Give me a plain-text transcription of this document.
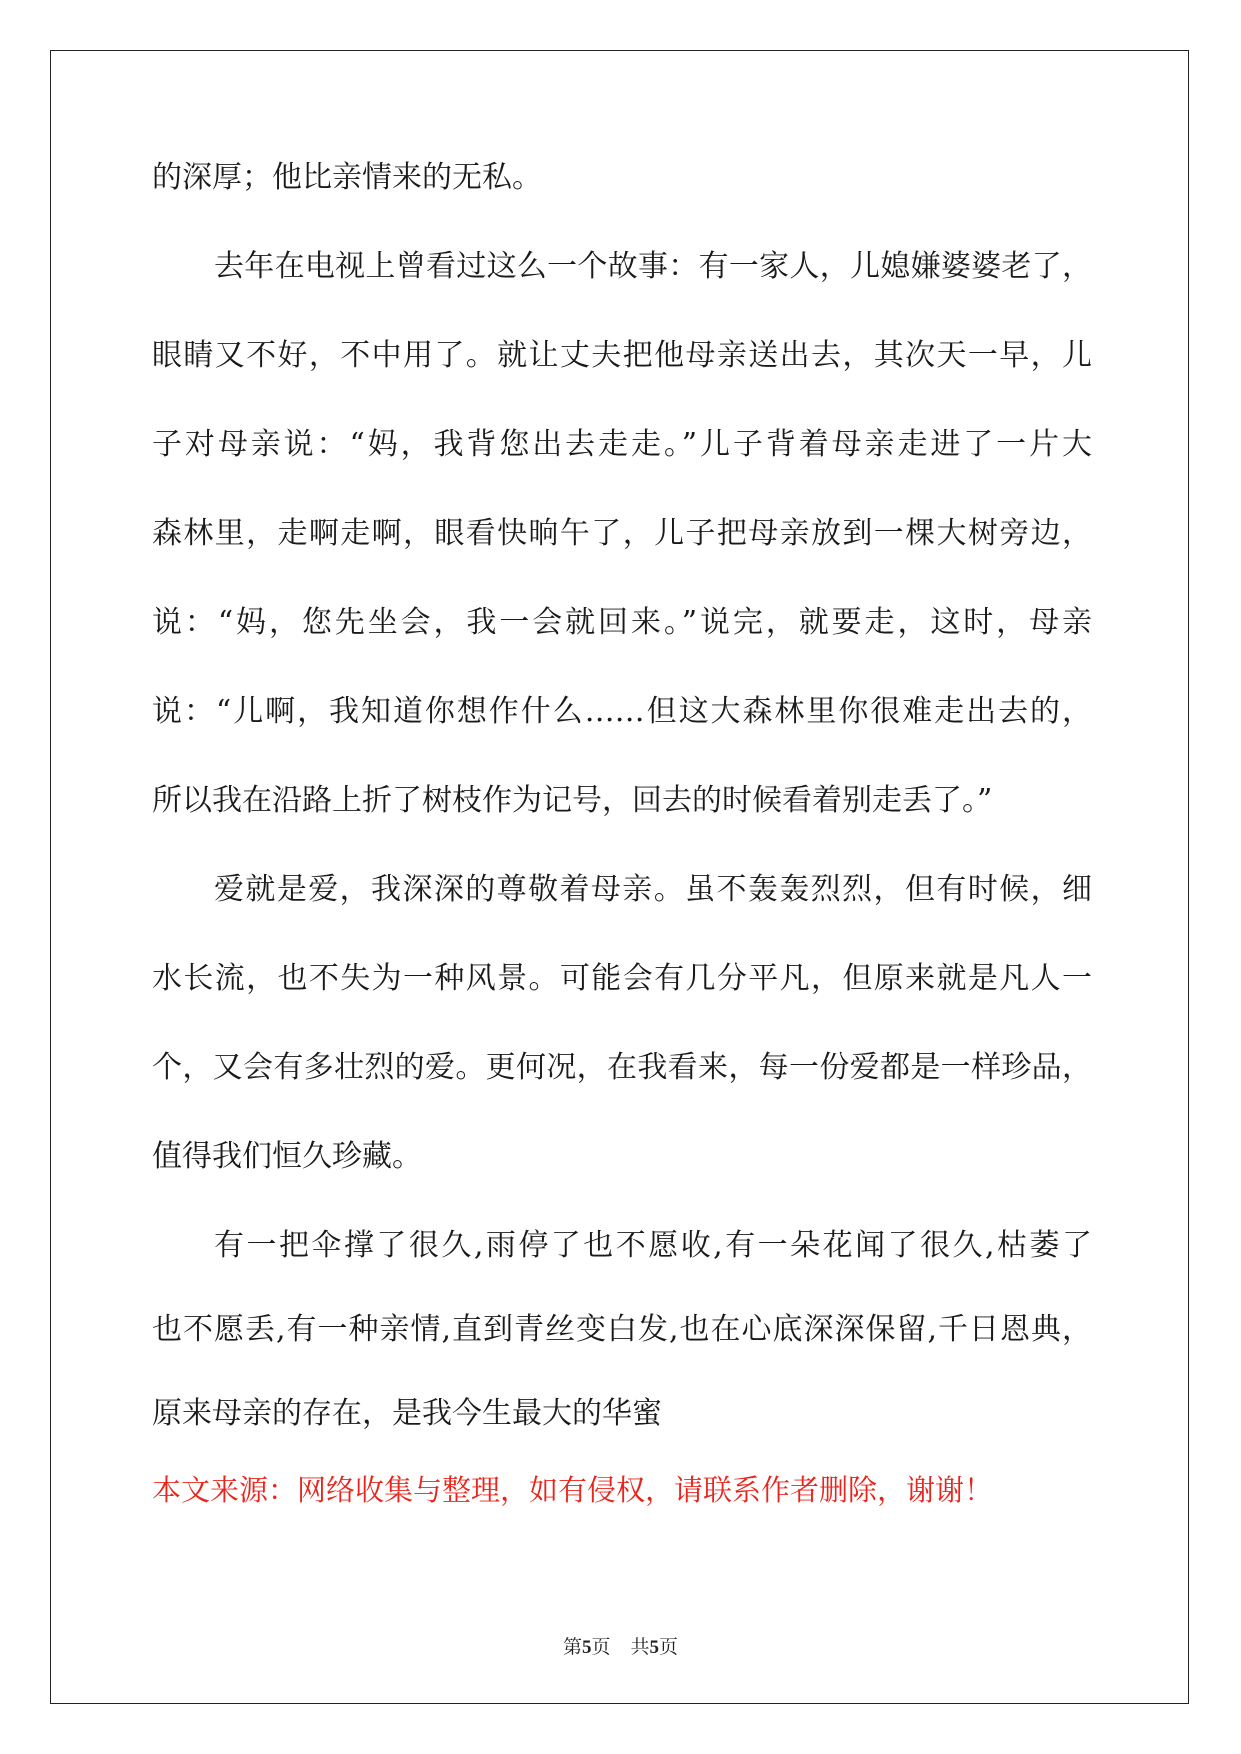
的深厚；他比亲情来的无私。
去年在电视上曾看过这么一个故事：有一家人，儿媳嫌婆婆老了，
眼睛又不好，不中用了。就让丈夫把他母亲送出去，其次天一早，儿
子对母亲说：“妈，我背您出去走走。”儿子背着母亲走进了一片大
森林里，走啊走啊，眼看快晌午了，儿子把母亲放到一棵大树旁边，
说：“妈，您先坐会，我一会就回来。”说完，就要走，这时，母亲
说：“儿啊，我知道你想作什么……但这大森林里你很难走出去的，
所以我在沿路上折了树枝作为记号，回去的时候看着别走丢了。”
爱就是爱，我深深的尊敬着母亲。虽不轰轰烈烈，但有时候，细
水长流，也不失为一种风景。可能会有几分平凡，但原来就是凡人一
个，又会有多壮烈的爱。更何况，在我看来，每一份爱都是一样珍品，
值得我们恒久珍藏。
有一把伞撑了很久,雨停了也不愿收,有一朵花闻了很久,枯萎了
也不愿丢,有一种亲情,直到青丝变白发,也在心底深深保留,千日恩典，
原来母亲的存在，是我今生最大的华蜜
本文来源：网络收集与整理，如有侵权，请联系作者删除，谢谢！
第5页 共5页
